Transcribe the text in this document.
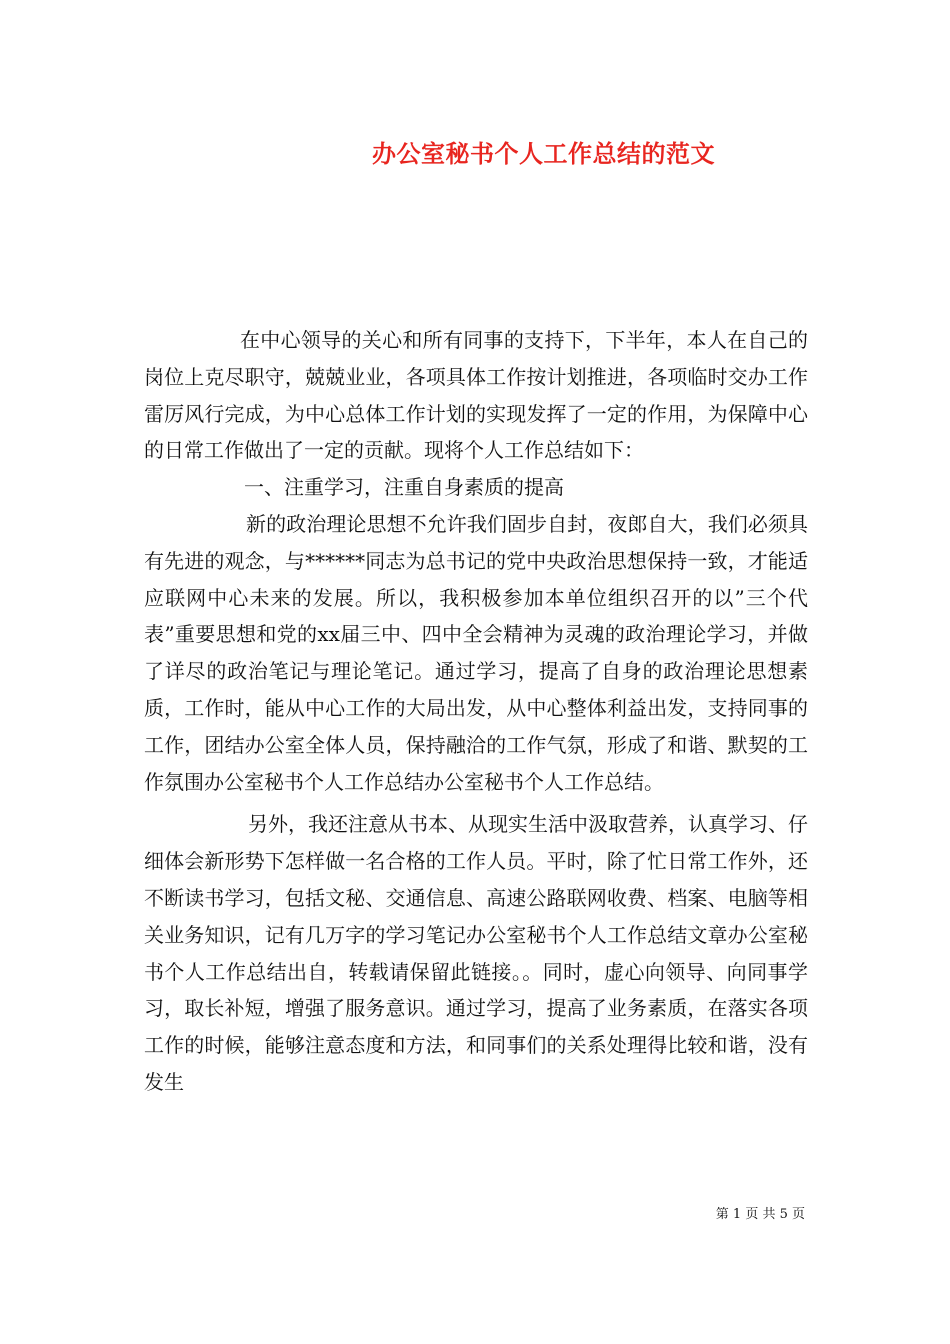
办公室秘书个人工作总结的范文

在中心领导的关心和所有同事的支持下，下半年，本人在自己的岗位上克尽职守，兢兢业业，各项具体工作按计划推进，各项临时交办工作雷厉风行完成，为中心总体工作计划的实现发挥了一定的作用，为保障中心的日常工作做出了一定的贡献。现将个人工作总结如下：

一、注重学习，注重自身素质的提高

新的政治理论思想不允许我们固步自封，夜郎自大，我们必须具有先进的观念，与******同志为总书记的党中央政治思想保持一致，才能适应联网中心未来的发展。所以，我积极参加本单位组织召开的以”三个代表”重要思想和党的xx届三中、四中全会精神为灵魂的政治理论学习，并做了详尽的政治笔记与理论笔记。通过学习，提高了自身的政治理论思想素质，工作时，能从中心工作的大局出发，从中心整体利益出发，支持同事的工作，团结办公室全体人员，保持融洽的工作气氛，形成了和谐、默契的工作氛围办公室秘书个人工作总结办公室秘书个人工作总结。

另外，我还注意从书本、从现实生活中汲取营养，认真学习、仔细体会新形势下怎样做一名合格的工作人员。平时，除了忙日常工作外，还不断读书学习，包括文秘、交通信息、高速公路联网收费、档案、电脑等相关业务知识，记有几万字的学习笔记办公室秘书个人工作总结文章办公室秘书个人工作总结出自，转载请保留此链接。。同时，虚心向领导、向同事学习，取长补短，增强了服务意识。通过学习，提高了业务素质，在落实各项工作的时候，能够注意态度和方法，和同事们的关系处理得比较和谐，没有发生

第 1 页 共 5 页
